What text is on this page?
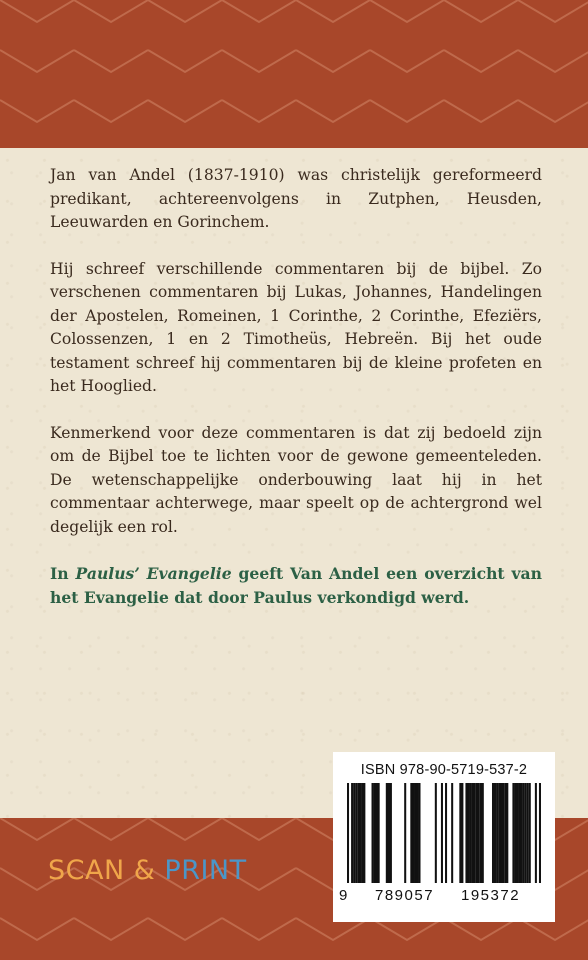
Jan van Andel (1837-1910) was christelijk gereformeerd predikant, achtereenvolgens in Zutphen, Heusden, Leeuwarden en Gorinchem.

Hij schreef verschillende commentaren bij de bijbel. Zo verschenen commentaren bij Lukas, Johannes, Handelingen der Apostelen, Romeinen, 1 Corinthe, 2 Corinthe, Efeziërs, Colossenzen, 1 en 2 Timotheüs, Hebreën. Bij het oude testament schreef hij commentaren bij de kleine profeten en het Hooglied.

Kenmerkend voor deze commentaren is dat zij bedoeld zijn om de Bijbel toe te lichten voor de gewone gemeenteleden. De wetenschappelijke onderbouwing laat hij in het commentaar achterwege, maar speelt op de achtergrond wel degelijk een rol.

In Paulus’ Evangelie geeft Van Andel een overzicht van het Evangelie dat door Paulus verkondigd werd.

SCAN & PRINT
ISBN 978-90-5719-537-2
9 789057 195372
